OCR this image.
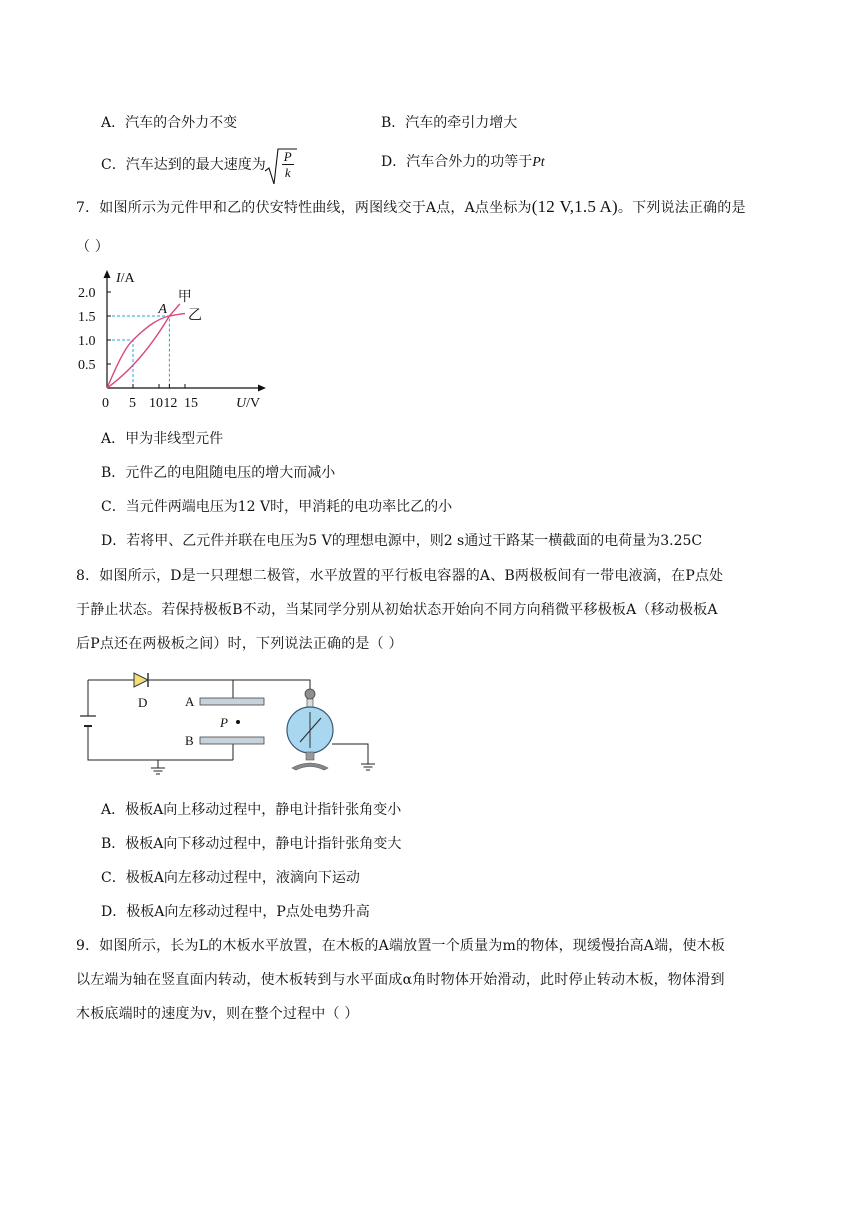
A．汽车的合外力不变	B．汽车的牵引力增大
C．汽车达到的最大速度为 $\frac{P}{k}$	D．汽车合外力的功等于Pt
7．如图所示为元件甲和乙的伏安特性曲线，两图线交于A点，A点坐标为(12 V,1.5 A)。下列说法正确的是
（ ）
0.5
1.0
1.5
2.0
0 5 10 12 15
I/A
U/V
A
甲
乙
A．甲为非线型元件
B．元件乙的电阻随电压的增大而减小
C．当元件两端电压为12 V时，甲消耗的电功率比乙的小
D．若将甲、乙元件并联在电压为5 V的理想电源中，则2 s通过干路某一横截面的电荷量为3.25C
8．如图所示，D是一只理想二极管，水平放置的平行板电容器的A、B两极板间有一带电液滴，在P点处
于静止状态。若保持极板B不动，当某同学分别从初始状态开始向不同方向稍微平移极板A（移动极板A
后P点还在两极板之间）时，下列说法正确的是（ ）
D	A
B
P
A．极板A向上移动过程中，静电计指针张角变小
B．极板A向下移动过程中，静电计指针张角变大
C．极板A向左移动过程中，液滴向下运动
D．极板A向左移动过程中，P点处电势升高
9．如图所示，长为L的木板水平放置，在木板的A端放置一个质量为m的物体，现缓慢抬高A端，使木板
以左端为轴在竖直面内转动，使木板转到与水平面成α角时物体开始滑动，此时停止转动木板，物体滑到
木板底端时的速度为v，则在整个过程中（ ）
